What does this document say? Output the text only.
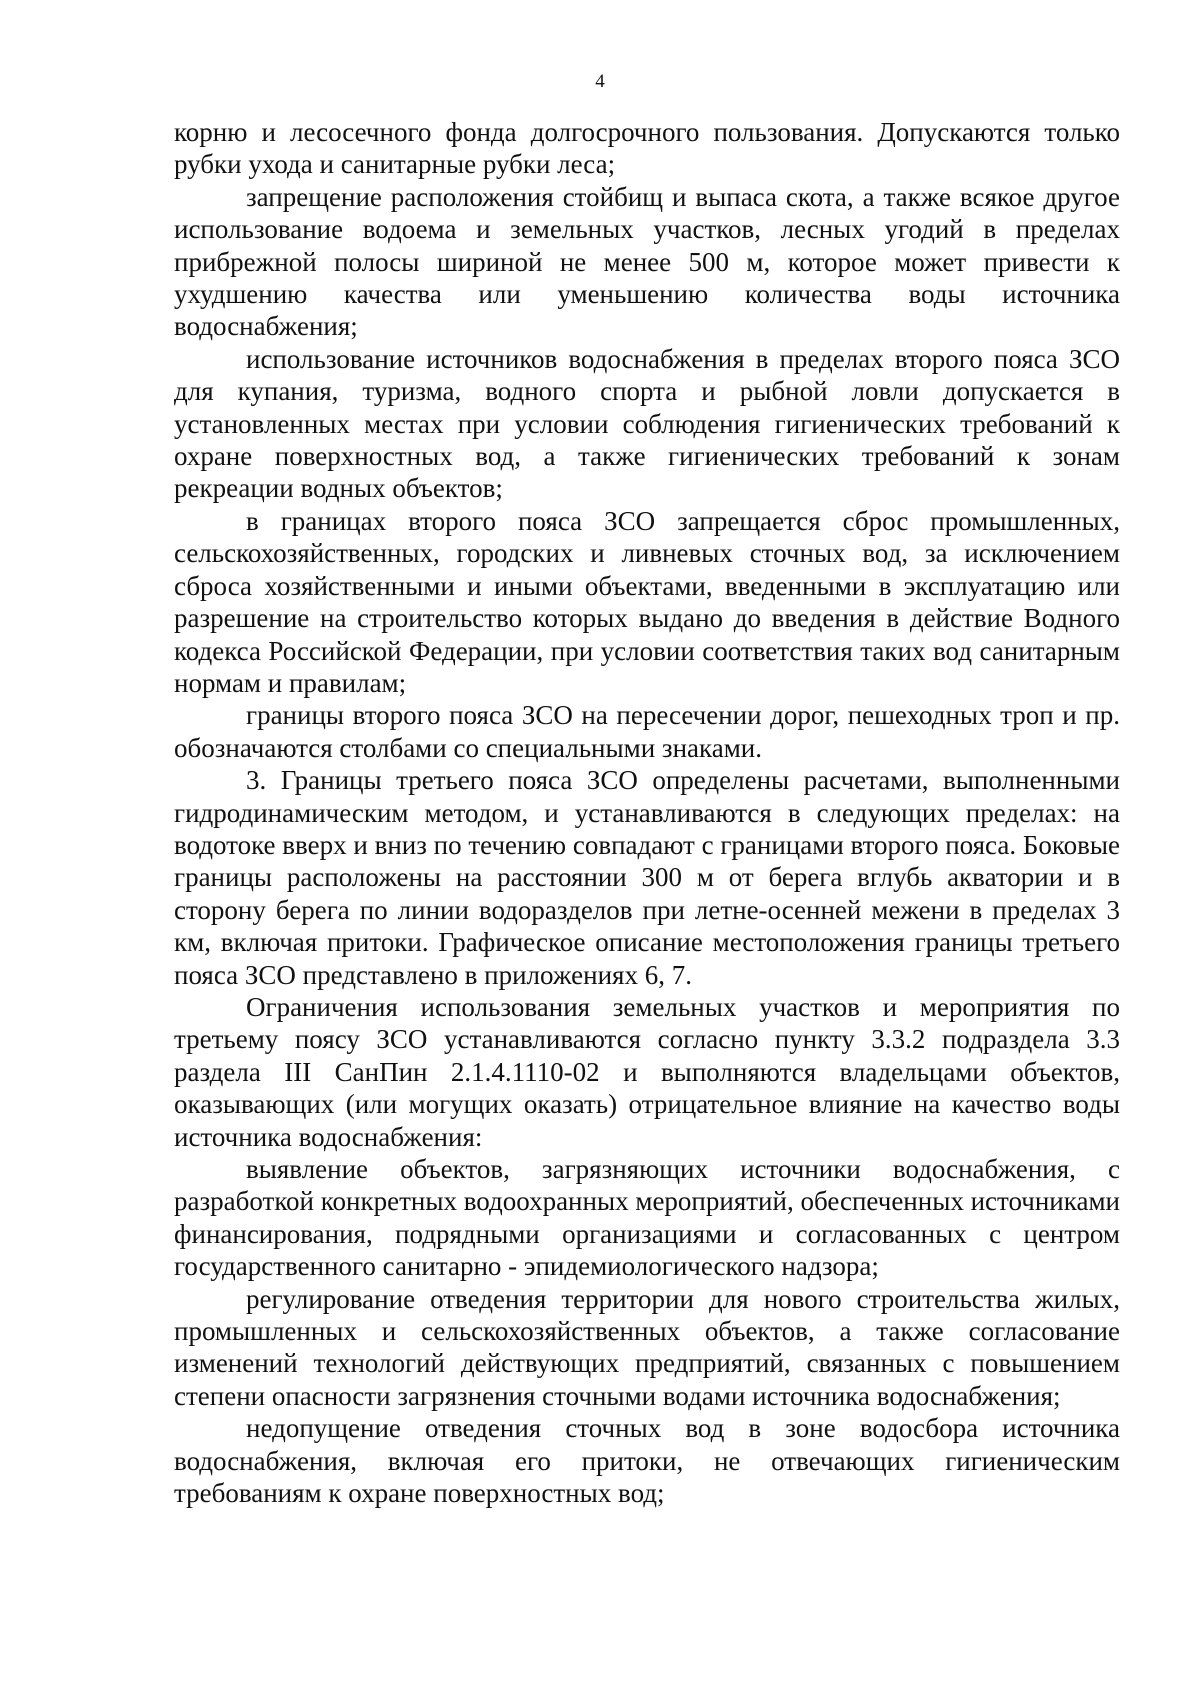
4

корню и лесосечного фонда долгосрочного пользования. Допускаются только рубки ухода и санитарные рубки леса;

запрещение расположения стойбищ и выпаса скота, а также всякое другое использование водоема и земельных участков, лесных угодий в пределах прибрежной полосы шириной не менее 500 м, которое может привести к ухудшению качества или уменьшению количества воды источника водоснабжения;

использование источников водоснабжения в пределах второго пояса ЗСО для купания, туризма, водного спорта и рыбной ловли допускается в установленных местах при условии соблюдения гигиенических требований к охране поверхностных вод, а также гигиенических требований к зонам рекреации водных объектов;

в границах второго пояса ЗСО запрещается сброс промышленных, сельскохозяйственных, городских и ливневых сточных вод, за исключением сброса хозяйственными и иными объектами, введенными в эксплуатацию или разрешение на строительство которых выдано до введения в действие Водного кодекса Российской Федерации, при условии соответствия таких вод санитарным нормам и правилам;

границы второго пояса ЗСО на пересечении дорог, пешеходных троп и пр. обозначаются столбами со специальными знаками.

3. Границы третьего пояса ЗСО определены расчетами, выполненными гидродинамическим методом, и устанавливаются в следующих пределах: на водотоке вверх и вниз по течению совпадают с границами второго пояса. Боковые границы расположены на расстоянии 300 м от берега вглубь акватории и в сторону берега по линии водоразделов при летне-осенней межени в пределах 3 км, включая притоки. Графическое описание местоположения границы третьего пояса ЗСО представлено в приложениях 6, 7.

Ограничения использования земельных участков и мероприятия по третьему поясу ЗСО устанавливаются согласно пункту 3.3.2 подраздела 3.3 раздела III СанПин 2.1.4.1110-02 и выполняются владельцами объектов, оказывающих (или могущих оказать) отрицательное влияние на качество воды источника водоснабжения:

выявление объектов, загрязняющих источники водоснабжения, с разработкой конкретных водоохранных мероприятий, обеспеченных источниками финансирования, подрядными организациями и согласованных с центром государственного санитарно - эпидемиологического надзора;

регулирование отведения территории для нового строительства жилых, промышленных и сельскохозяйственных объектов, а также согласование изменений технологий действующих предприятий, связанных с повышением степени опасности загрязнения сточными водами источника водоснабжения;

недопущение отведения сточных вод в зоне водосбора источника водоснабжения, включая его притоки, не отвечающих гигиеническим требованиям к охране поверхностных вод;
